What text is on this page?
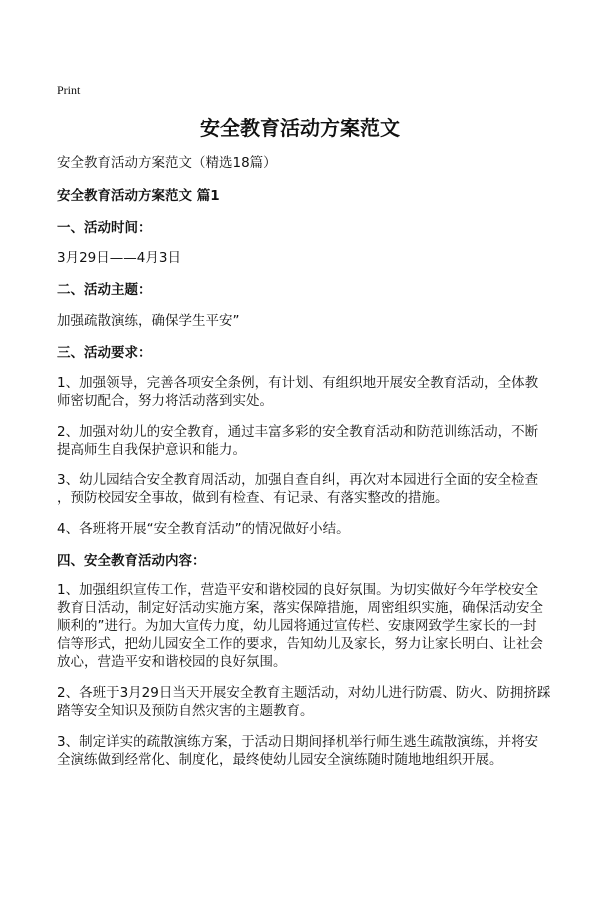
Print
安全教育活动方案范文
安全教育活动方案范文（精选18篇）
安全教育活动方案范文 篇1
一、活动时间：
3月29日——4月3日
二、活动主题：
加强疏散演练，确保学生平安”
三、活动要求：
1、加强领导，完善各项安全条例，有计划、有组织地开展安全教育活动，全体教
师密切配合，努力将活动落到实处。
2、加强对幼儿的安全教育，通过丰富多彩的安全教育活动和防范训练活动，不断
提高师生自我保护意识和能力。
3、幼儿园结合安全教育周活动，加强自查自纠，再次对本园进行全面的安全检查
，预防校园安全事故，做到有检查、有记录、有落实整改的措施。
4、各班将开展“安全教育活动”的情况做好小结。
四、安全教育活动内容：
1、加强组织宣传工作，营造平安和谐校园的良好氛围。为切实做好今年学校安全
教育日活动，制定好活动实施方案，落实保障措施，周密组织实施，确保活动安全
顺利的”进行。为加大宣传力度，幼儿园将通过宣传栏、安康网致学生家长的一封
信等形式，把幼儿园安全工作的要求，告知幼儿及家长，努力让家长明白、让社会
放心，营造平安和谐校园的良好氛围。
2、各班于3月29日当天开展安全教育主题活动，对幼儿进行防震、防火、防拥挤踩
踏等安全知识及预防自然灾害的主题教育。
3、制定详实的疏散演练方案，于活动日期间择机举行师生逃生疏散演练，并将安
全演练做到经常化、制度化，最终使幼儿园安全演练随时随地地组织开展。
